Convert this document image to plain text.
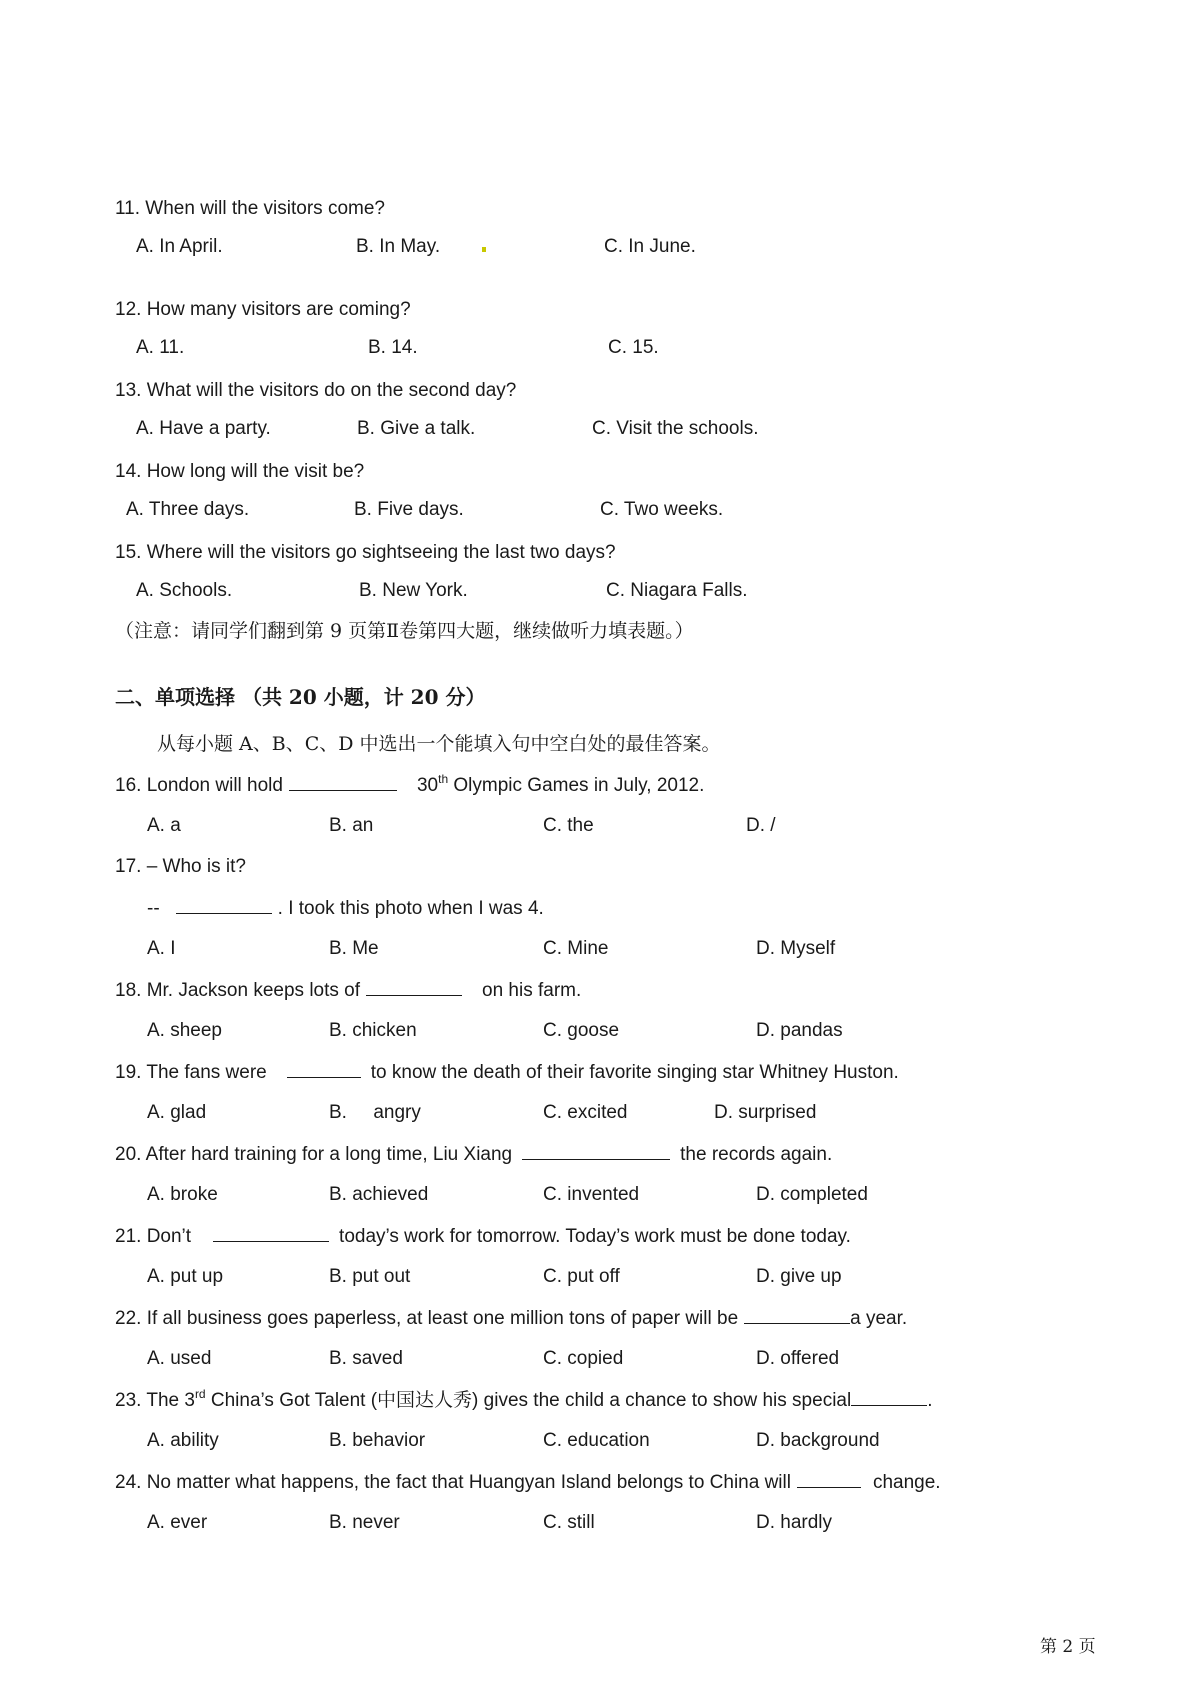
11. When will the visitors come?
A. In April.	B. In May.	C. In June.
12. How many visitors are coming?
A. 11.	B. 14.	C. 15.
13. What will the visitors do on the second day?
A. Have a party.	B. Give a talk.	C. Visit the schools.
14. How long will the visit be?
A. Three days.	B. Five days.	C. Two weeks.
15. Where will the visitors go sightseeing the last two days?
A. Schools.	B. New York.	C. Niagara Falls.
（注意：请同学们翻到第 9 页第Ⅱ卷第四大题，继续做听力填表题。）
二、单项选择 （共 20 小题，计 20 分）
从每小题 A、B、C、D 中选出一个能填入句中空白处的最佳答案。
16. London will hold	30th Olympic Games in July, 2012.
A. a	B. an	C. the	D. /
17. – Who is it?
--	. I took this photo when I was 4.
A. I	B. Me	C. Mine	D. Myself
18. Mr. Jackson keeps lots of	on his farm.
A. sheep	B. chicken	C. goose	D. pandas
19. The fans were	to know the death of their favorite singing star Whitney Huston.
A. glad	B.     angry	C. excited	D. surprised
20. After hard training for a long time, Liu Xiang	the records again.
A. broke	B. achieved	C. invented	D. completed
21. Don’t	today’s work for tomorrow. Today’s work must be done today.
A. put up	B. put out	C. put off	D. give up
22. If all business goes paperless, at least one million tons of paper will be	a year.
A. used	B. saved	C. copied	D. offered
23. The 3rd China’s Got Talent (中国达人秀) gives the child a chance to show his special	.
A. ability	B. behavior	C. education	D. background
24. No matter what happens, the fact that Huangyan Island belongs to China will	change.
A. ever	B. never	C. still	D. hardly
第 2 页
